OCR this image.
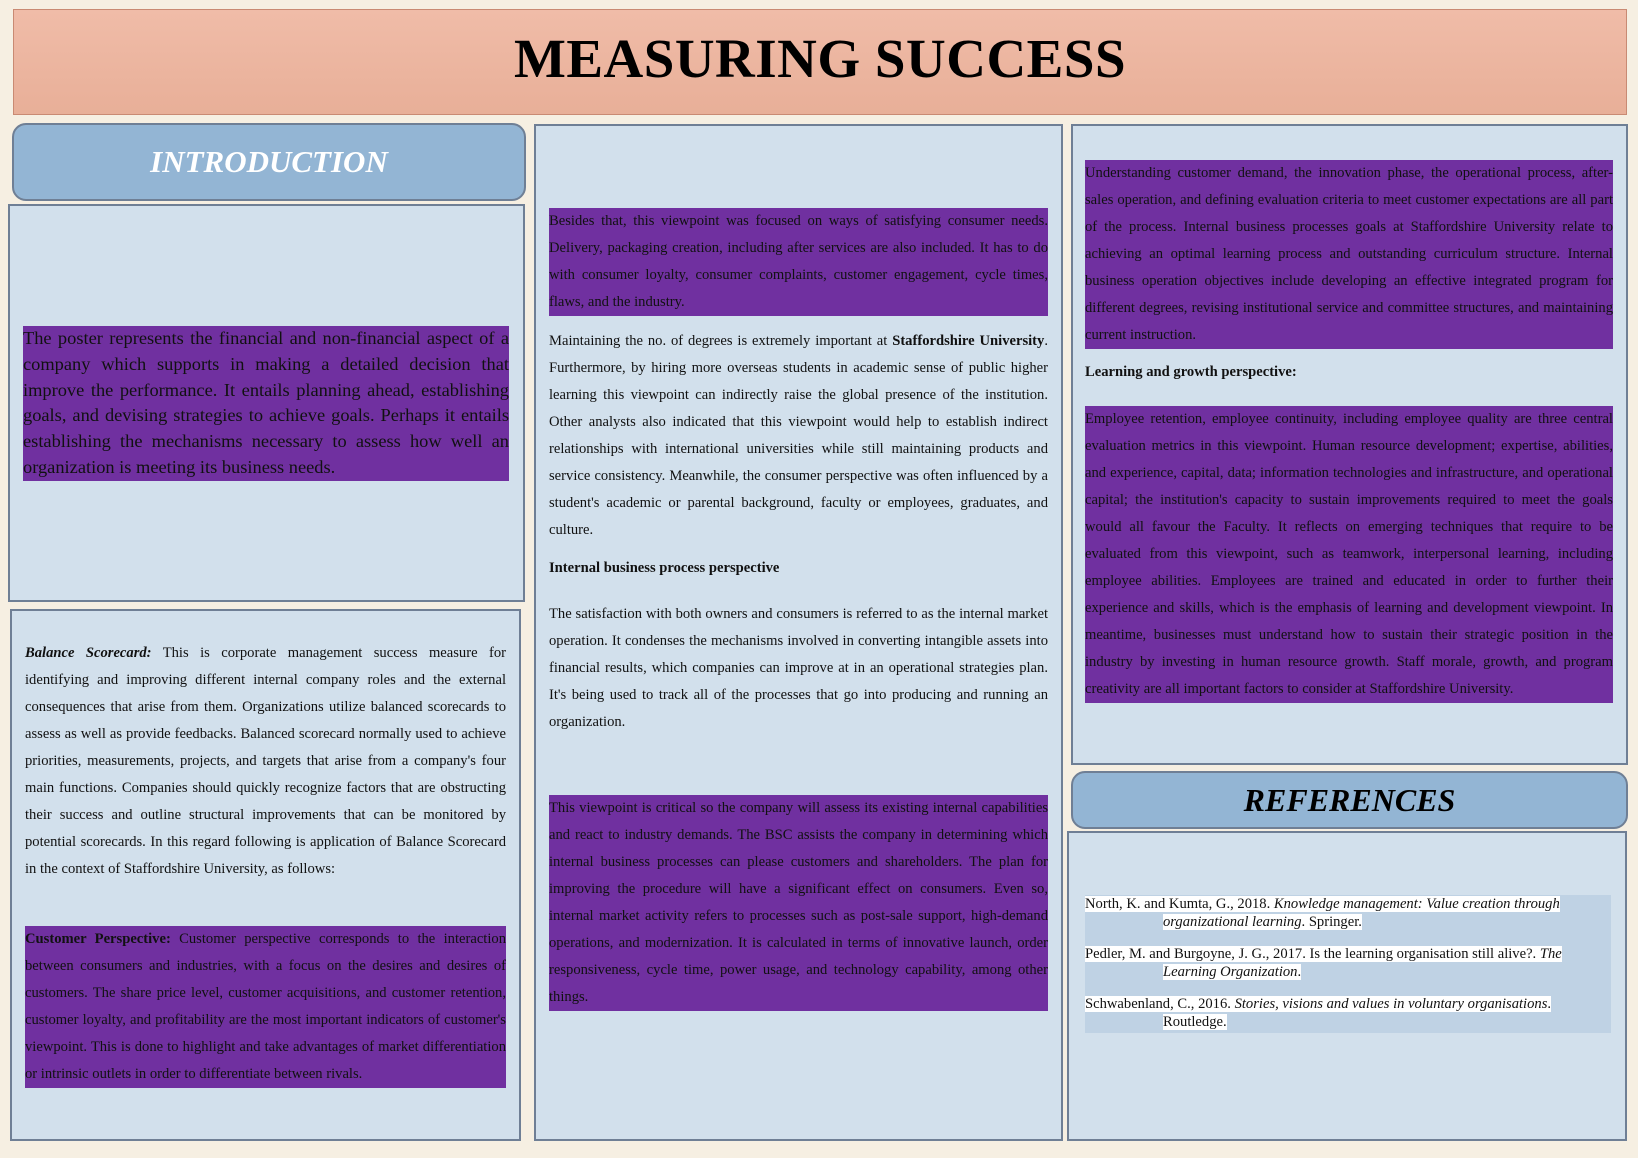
MEASURING SUCCESS
INTRODUCTION
REFERENCES
The poster represents the financial and non-financial aspect of a company which supports in making a detailed decision that improve the performance. It entails planning ahead, establishing goals, and devising strategies to achieve goals. Perhaps it entails establishing the mechanisms necessary to assess how well an organization is meeting its business needs.
Balance Scorecard: This is corporate management success measure for identifying and improving different internal company roles and the external consequences that arise from them. Organizations utilize balanced scorecards to assess as well as provide feedbacks. Balanced scorecard normally used to achieve priorities, measurements, projects, and targets that arise from a company's four main functions. Companies should quickly recognize factors that are obstructing their success and outline structural improvements that can be monitored by potential scorecards. In this regard following is application of Balance Scorecard in the context of Staffordshire University, as follows:
Customer Perspective: Customer perspective corresponds to the interaction between consumers and industries, with a focus on the desires and desires of customers. The share price level, customer acquisitions, and customer retention, customer loyalty, and profitability are the most important indicators of customer's viewpoint. This is done to highlight and take advantages of market differentiation or intrinsic outlets in order to differentiate between rivals.
Besides that, this viewpoint was focused on ways of satisfying consumer needs. Delivery, packaging creation, including after services are also included. It has to do with consumer loyalty, consumer complaints, customer engagement, cycle times, flaws, and the industry.
Maintaining the no. of degrees is extremely important at Staffordshire University. Furthermore, by hiring more overseas students in academic sense of public higher learning this viewpoint can indirectly raise the global presence of the institution. Other analysts also indicated that this viewpoint would help to establish indirect relationships with international universities while still maintaining products and service consistency. Meanwhile, the consumer perspective was often influenced by a student's academic or parental background, faculty or employees, graduates, and culture.
Internal business process perspective
The satisfaction with both owners and consumers is referred to as the internal market operation. It condenses the mechanisms involved in converting intangible assets into financial results, which companies can improve at in an operational strategies plan. It's being used to track all of the processes that go into producing and running an organization.
This viewpoint is critical so the company will assess its existing internal capabilities and react to industry demands. The BSC assists the company in determining which internal business processes can please customers and shareholders. The plan for improving the procedure will have a significant effect on consumers. Even so, internal market activity refers to processes such as post-sale support, high-demand operations, and modernization. It is calculated in terms of innovative launch, order responsiveness, cycle time, power usage, and technology capability, among other things.
Understanding customer demand, the innovation phase, the operational process, after-sales operation, and defining evaluation criteria to meet customer expectations are all part of the process. Internal business processes goals at Staffordshire University relate to achieving an optimal learning process and outstanding curriculum structure. Internal business operation objectives include developing an effective integrated program for different degrees, revising institutional service and committee structures, and maintaining current instruction.
Learning and growth perspective:
Employee retention, employee continuity, including employee quality are three central evaluation metrics in this viewpoint. Human resource development; expertise, abilities, and experience, capital, data; information technologies and infrastructure, and operational capital; the institution's capacity to sustain improvements required to meet the goals would all favour the Faculty. It reflects on emerging techniques that require to be evaluated from this viewpoint, such as teamwork, interpersonal learning, including employee abilities. Employees are trained and educated in order to further their experience and skills, which is the emphasis of learning and development viewpoint. In meantime, businesses must understand how to sustain their strategic position in the industry by investing in human resource growth. Staff morale, growth, and program creativity are all important factors to consider at Staffordshire University.
North, K. and Kumta, G., 2018. Knowledge management: Value creation through organizational learning. Springer.
Pedler, M. and Burgoyne, J. G., 2017. Is the learning organisation still alive?. The Learning Organization.
Schwabenland, C., 2016. Stories, visions and values in voluntary organisations. Routledge.
